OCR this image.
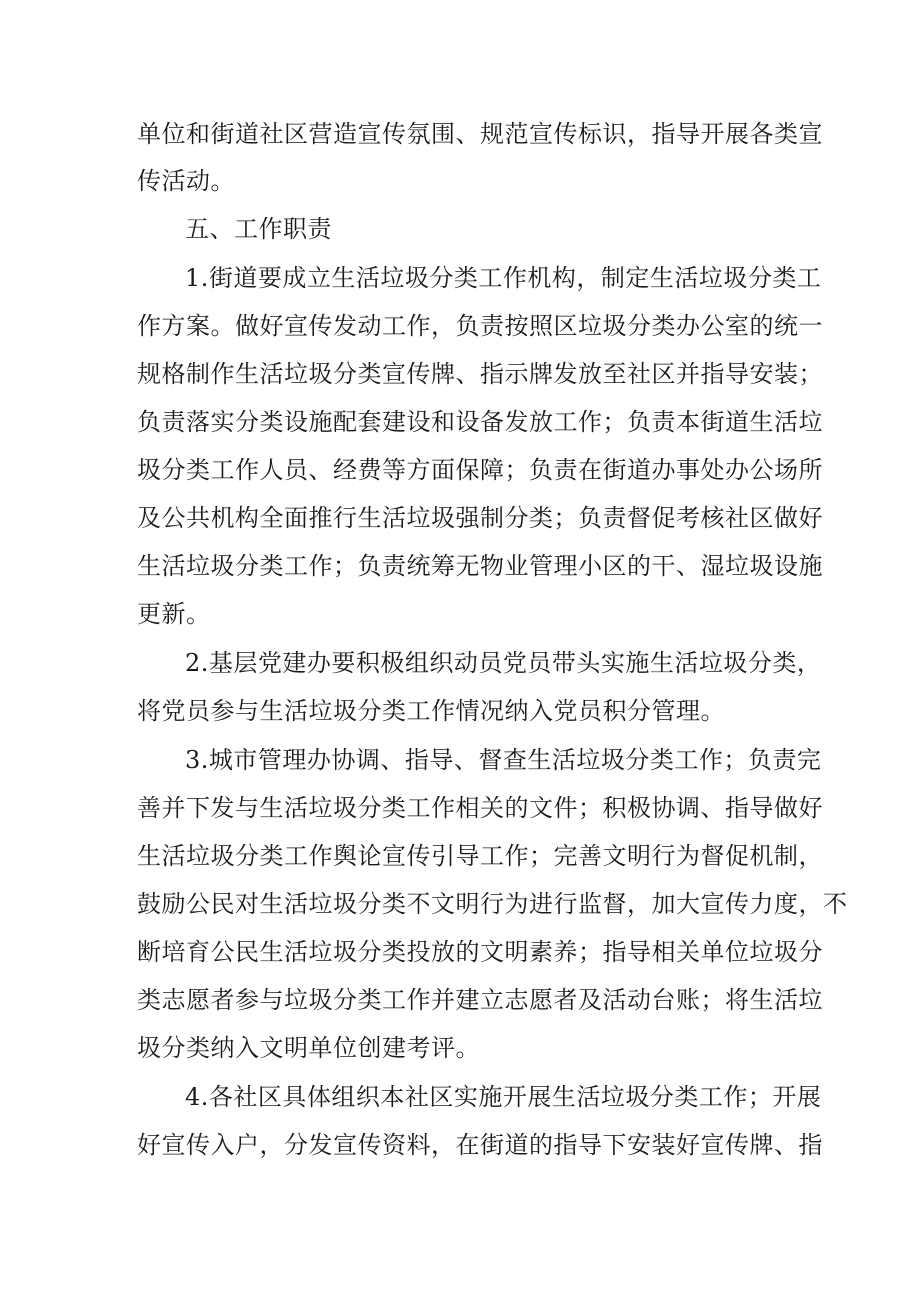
单位和街道社区营造宣传氛围、规范宣传标识，指导开展各类宣
传活动。
五、工作职责
1.街道要成立生活垃圾分类工作机构，制定生活垃圾分类工
作方案。做好宣传发动工作，负责按照区垃圾分类办公室的统一
规格制作生活垃圾分类宣传牌、指示牌发放至社区并指导安装；
负责落实分类设施配套建设和设备发放工作；负责本街道生活垃
圾分类工作人员、经费等方面保障；负责在街道办事处办公场所
及公共机构全面推行生活垃圾强制分类；负责督促考核社区做好
生活垃圾分类工作；负责统筹无物业管理小区的干、湿垃圾设施
更新。
2.基层党建办要积极组织动员党员带头实施生活垃圾分类，
将党员参与生活垃圾分类工作情况纳入党员积分管理。
3.城市管理办协调、指导、督查生活垃圾分类工作；负责完
善并下发与生活垃圾分类工作相关的文件；积极协调、指导做好
生活垃圾分类工作舆论宣传引导工作；完善文明行为督促机制，
鼓励公民对生活垃圾分类不文明行为进行监督，加大宣传力度，不
断培育公民生活垃圾分类投放的文明素养；指导相关单位垃圾分
类志愿者参与垃圾分类工作并建立志愿者及活动台账；将生活垃
圾分类纳入文明单位创建考评。
4.各社区具体组织本社区实施开展生活垃圾分类工作；开展
好宣传入户，分发宣传资料，在街道的指导下安装好宣传牌、指
